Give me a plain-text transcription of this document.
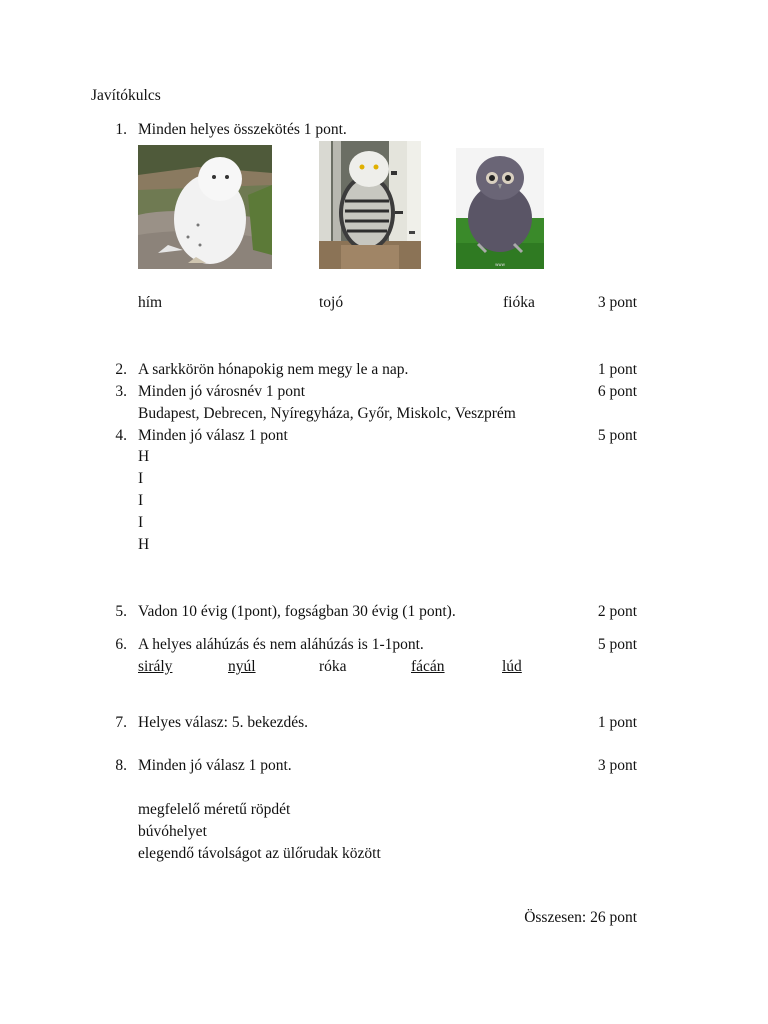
Javítókulcs
1. Minden helyes összekötés 1 pont.
www
hím	tojó	fióka	3 pont
2. A sarkkörön hónapokig nem megy le a nap.	1 pont
3. Minden jó városnév 1 pont	6 pont
Budapest, Debrecen, Nyíregyháza, Győr, Miskolc, Veszprém
4. Minden jó válasz 1 pont	5 pont
H
I
I
I
H
5. Vadon 10 évig (1pont), fogságban 30 évig (1 pont).	2 pont
6. A helyes aláhúzás és nem aláhúzás is 1-1pont.	5 pont
sirály	nyúl	róka	fácán	lúd
7. Helyes válasz: 5. bekezdés.	1 pont
8. Minden jó válasz 1 pont.	3 pont
megfelelő méretű röpdét
búvóhelyet
elegendő távolságot az ülőrudak között
Összesen: 26 pont
